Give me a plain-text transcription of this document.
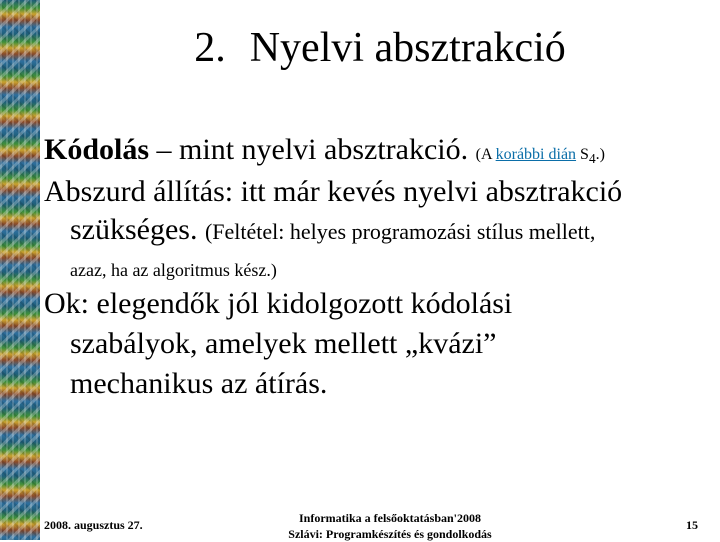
2. Nyelvi absztrakció
Kódolás – mint nyelvi absztrakció. (A korábbi dián $S_4$.)
Abszurd állítás: itt már kevés nyelvi absztrakció
szükséges. (Feltétel: helyes programozási stílus mellett,
azaz, ha az algoritmus kész.)
Ok: elegendők jól kidolgozott kódolási
szabályok, amelyek mellett „kvázi”
mechanikus az átírás.
2008. augusztus 27.	Informatika a felsőoktatásban'2008
Szlávi: Programkészítés és gondolkodás
15
